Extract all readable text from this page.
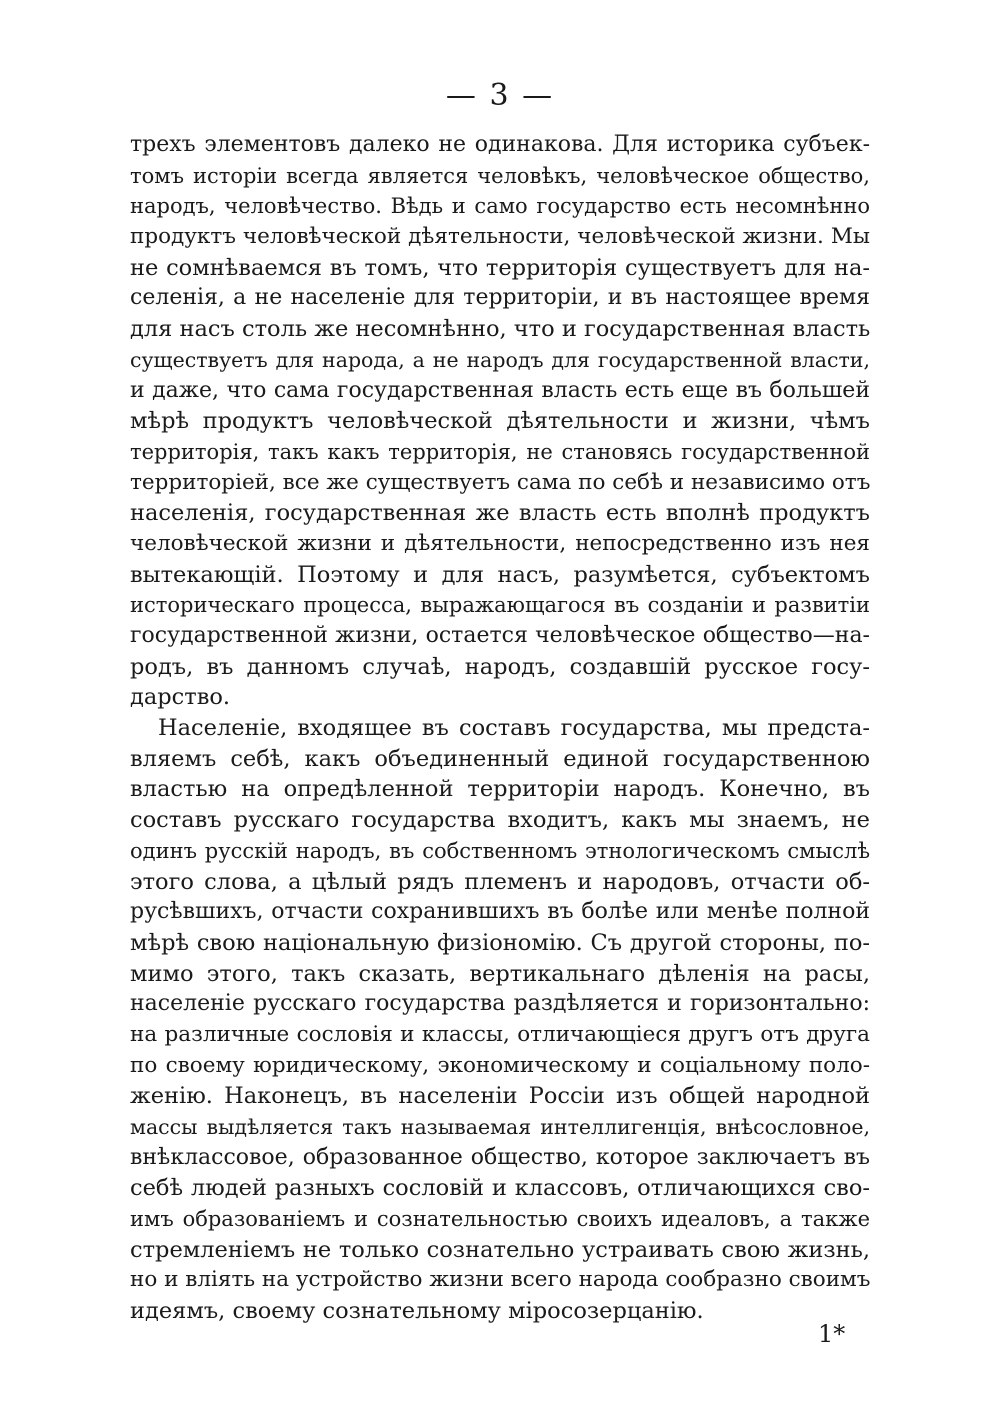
— 3 —
трехъ элементовъ далеко не одинакова. Для историка субъек-
томъ исторіи всегда является человѣкъ, человѣческое общество,
народъ, человѣчество. Вѣдь и само государство есть несомнѣнно
продуктъ человѣческой дѣятельности, человѣческой жизни. Мы
не сомнѣваемся въ томъ, что территорія существуетъ для на-
селенія, а не населеніе для территоріи, и въ настоящее время
для насъ столь же несомнѣнно, что и государственная власть
существуетъ для народа, а не народъ для государственной власти,
и даже, что сама государственная власть есть еще въ большей
мѣрѣ продуктъ человѣческой дѣятельности и жизни, чѣмъ
территорія, такъ какъ территорія, не становясь государственной
территоріей, все же существуетъ сама по себѣ и независимо отъ
населенія, государственная же власть есть вполнѣ продуктъ
человѣческой жизни и дѣятельности, непосредственно изъ нея
вытекающій. Поэтому и для насъ, разумѣется, субъектомъ
историческаго процесса, выражающагося въ созданіи и развитіи
государственной жизни, остается человѣческое общество—на-
родъ, въ данномъ случаѣ, народъ, создавшій русское госу-
дарство.
Населеніе, входящее въ составъ государства, мы предста-
вляемъ себѣ, какъ объединенный единой государственною
властью на опредѣленной территоріи народъ. Конечно, въ
составъ русскаго государства входитъ, какъ мы знаемъ, не
одинъ русскій народъ, въ собственномъ этнологическомъ смыслѣ
этого слова, а цѣлый рядъ племенъ и народовъ, отчасти об-
русѣвшихъ, отчасти сохранившихъ въ болѣе или менѣе полной
мѣрѣ свою національную физіономію. Съ другой стороны, по-
мимо этого, такъ сказать, вертикальнаго дѣленія на расы,
населеніе русскаго государства раздѣляется и горизонтально:
на различные сословія и классы, отличающіеся другъ отъ друга
по своему юридическому, экономическому и соціальному поло-
женію. Наконецъ, въ населеніи Россіи изъ общей народной
массы выдѣляется такъ называемая интеллигенція, внѣсословное,
внѣклассовое, образованное общество, которое заключаетъ въ
себѣ людей разныхъ сословій и классовъ, отличающихся сво-
имъ образованіемъ и сознательностью своихъ идеаловъ, а также
стремленіемъ не только сознательно устраивать свою жизнь,
но и вліять на устройство жизни всего народа сообразно своимъ
идеямъ, своему сознательному міросозерцанію.
1*
